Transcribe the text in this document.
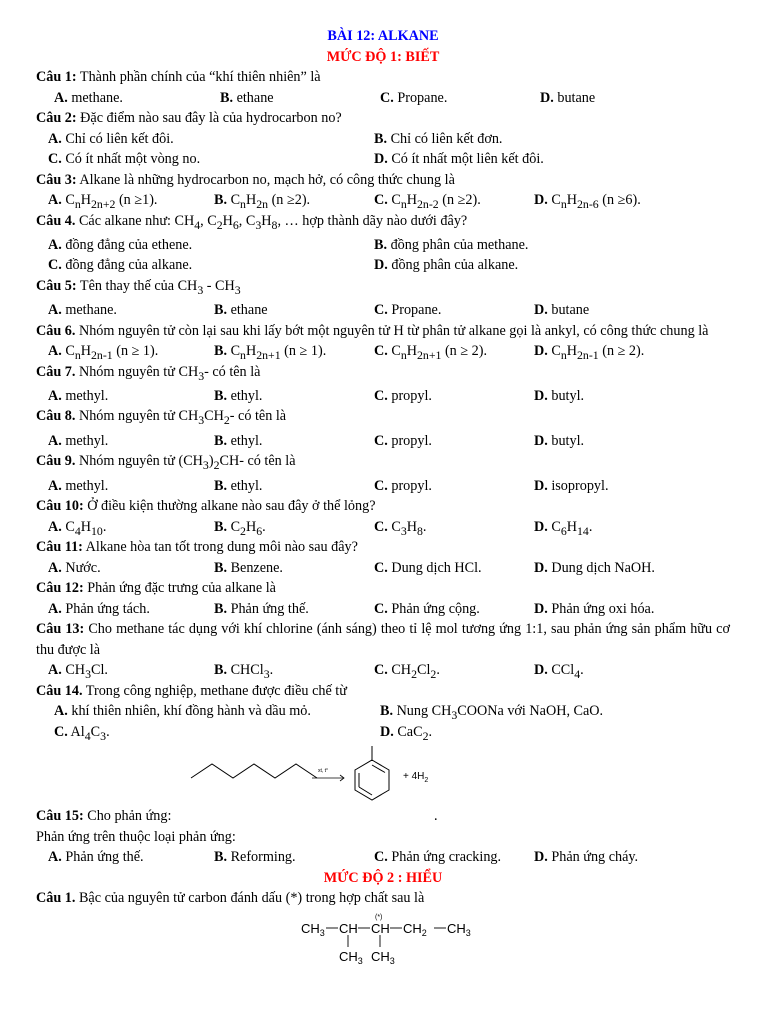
BÀI 12: ALKANE
MỨC ĐỘ 1: BIẾT
Câu 1: Thành phần chính của “khí thiên nhiên” là
A. methane.	B. ethane	C. Propane.	D. butane
Câu 2: Đặc điểm nào sau đây là của hydrocarbon no?
A. Chỉ có liên kết đôi.	B. Chỉ có liên kết đơn.
C. Có ít nhất một vòng no.	D. Có ít nhất một liên kết đôi.
Câu 3: Alkane là những hydrocarbon no, mạch hở, có công thức chung là
A. $C_nH_{2n+2}$ (n ≥1).	B. $C_nH_{2n}$ (n ≥2).	C. $C_nH_{2n-2}$ (n ≥2).	D. $C_nH_{2n-6}$ (n ≥6).
Câu 4. Các alkane như: $CH_4$, $C_2H_6$, $C_3H_8$, … hợp thành dãy nào dưới đây?
A. đồng đẳng của ethene.	B. đồng phân của methane.
C. đồng đẳng của alkane.	D. đồng phân của alkane.
Câu 5: Tên thay thế của $CH_3 - CH_3$
A. methane.	B. ethane	C. Propane.	D. butane
Câu 6. Nhóm nguyên tử còn lại sau khi lấy bớt một nguyên tử H từ phân tử alkane gọi là ankyl, có công thức chung là
A. $C_nH_{2n-1}$ (n ≥ 1).	B. $C_nH_{2n+1}$ (n ≥ 1).	C. $C_nH_{2n+1}$ (n ≥ 2).	D. $C_nH_{2n-1}$ (n ≥ 2).
Câu 7. Nhóm nguyên tử $CH_3-$ có tên là
A. methyl.	B. ethyl.	C. propyl.	D. butyl.
Câu 8. Nhóm nguyên tử $CH_3CH_2-$ có tên là
A. methyl.	B. ethyl.	C. propyl.	D. butyl.
Câu 9. Nhóm nguyên tử $(CH_3)_2CH-$ có tên là
A. methyl.	B. ethyl.	C. propyl.	D. isopropyl.
Câu 10: Ở điều kiện thường alkane nào sau đây ở thể lỏng?
A. $C_4H_{10}$.	B. $C_2H_6$.	C. $C_3H_8$.	D. $C_6H_{14}$.
Câu 11: Alkane hòa tan tốt trong dung môi nào sau đây?
A. Nước.	B. Benzene.	C. Dung dịch HCl.	D. Dung dịch NaOH.
Câu 12: Phản ứng đặc trưng của alkane là
A. Phản ứng tách.	B. Phản ứng thế.	C. Phản ứng cộng.	D. Phản ứng oxi hóa.
Câu 13: Cho methane tác dụng với khí chlorine (ánh sáng) theo tỉ lệ mol tương ứng 1:1, sau phản ứng sản phẩm hữu cơ thu được là
A. $CH_3Cl$.	B. CHCl$_3$.	C. $CH_2Cl_2$.	D. CCl$_4$.
Câu 14. Trong công nghiệp, methane được điều chế từ
A. khí thiên nhiên, khí đồng hành và dầu mỏ.	B. Nung $CH_3COONa$ với NaOH, CaO.
C. $Al_4C_3$.	D. CaC$_2$.
xt, t°	+ $4H_2$
Câu 15: Cho phản ứng:	.
Phản ứng trên thuộc loại phản ứng:
A. Phản ứng thế.	B. Reforming.	C. Phản ứng cracking. D. Phản ứng cháy.
MỨC ĐỘ 2 : HIỂU
Câu 1. Bậc của nguyên tử carbon đánh dấu (*) trong hợp chất sau là
$CH_3$ CH CH $CH_2$ $CH_3$
$CH_3$ $CH_3$
(*)
